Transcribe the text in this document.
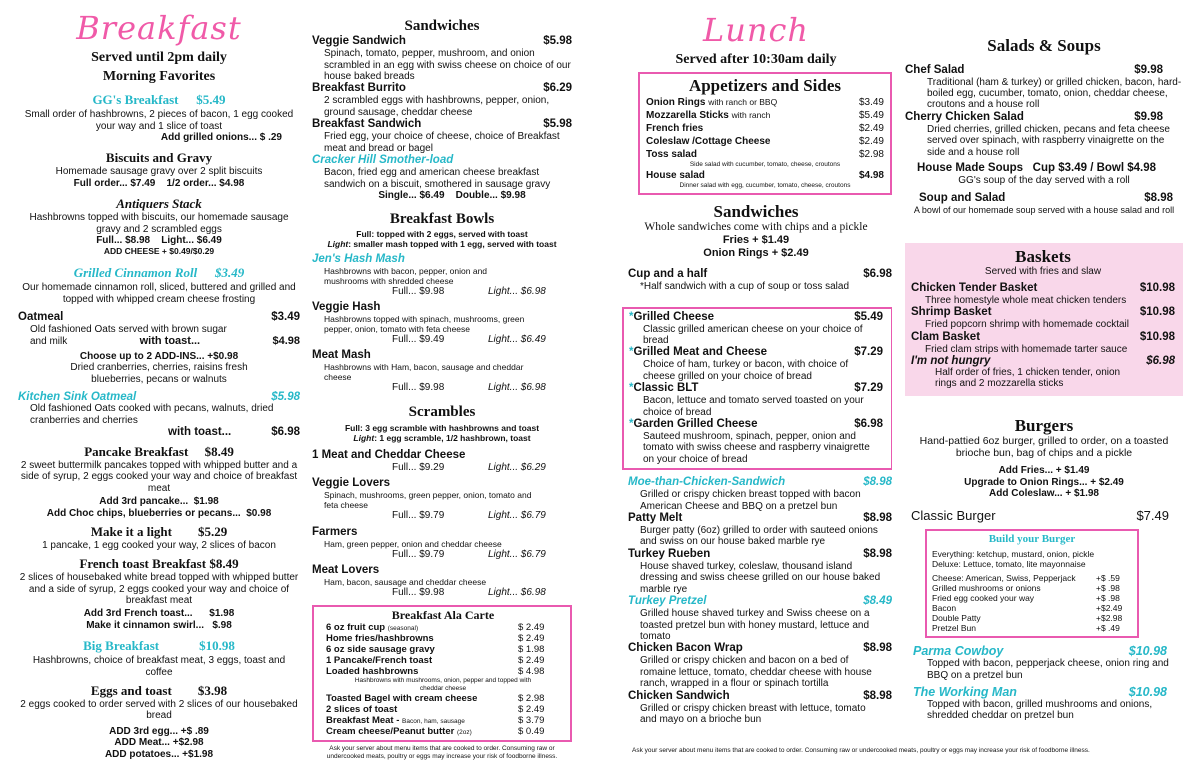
Breakfast
Served until 2pm daily
Morning Favorites
GG's Breakfast $5.49
Small order of hashbrowns, 2 pieces of bacon, 1 egg cooked your way and 1 slice of toast
Add grilled onions... $ .29
Biscuits and Gravy
Homemade sausage gravy over 2 split biscuits
Full order... $7.49    1/2 order... $4.98
Antiquers Stack
Hashbrowns topped with biscuits, our homemade sausage gravy and 2 scrambled eggs
Full... $8.98    Light... $6.49
ADD CHEESE + $0.49/$0.29
Grilled Cinnamon Roll $3.49
Our homemade cinnamon roll, sliced, buttered and grilled and topped with whipped cream cheese frosting
Oatmeal	$3.49
Old fashioned Oats served with brown sugar
and milk	with toast...	$4.98
Choose up to 2 ADD-INS... +$0.98
Dried cranberries, cherries, raisins fresh blueberries, pecans or walnuts
Kitchen Sink Oatmeal	$5.98
Old fashioned Oats cooked with pecans, walnuts, dried cranberries and cherries
with toast...	$6.98
Pancake Breakfast $8.49
2 sweet buttermilk pancakes topped with whipped butter and a side of syrup, 2 eggs cooked your way and choice of breakfast meat
Add 3rd pancake... $1.98
Add Choc chips, blueberries or pecans... $0.98
Make it a light $5.29
1 pancake, 1 egg cooked your way, 2 slices of bacon
French toast Breakfast $8.49
2 slices of housebaked white bread topped with whipped butter and a side of syrup, 2 eggs cooked your way and choice of breakfast meat
Add 3rd French toast... $1.98
Make it cinnamon swirl... $.98
Big Breakfast	$10.98
Hashbrowns, choice of breakfast meat, 3 eggs, toast and coffee
Eggs and toast $3.98
2 eggs cooked to order served with 2 slices of our housebaked bread
ADD 3rd egg... +$ .89
ADD Meat... +$2.98
ADD potatoes... +$1.98
Sandwiches
Veggie Sandwich	$5.98
Spinach, tomato, pepper, mushroom, and onion scrambled in an egg with swiss cheese on choice of our house baked breads
Breakfast Burrito	$6.29
2 scrambled eggs with hashbrowns, pepper, onion, ground sausage, cheddar cheese
Breakfast Sandwich	$5.98
Fried egg, your choice of cheese, choice of Breakfast meat and bread or bagel
Cracker Hill Smother-load
Bacon, fried egg and american cheese breakfast sandwich on a biscuit, smothered in sausage gravy
Single... $6.49    Double... $9.98
Breakfast Bowls
Full: topped with 2 eggs, served with toast
Light: smaller mash topped with 1 egg, served with toast
Jen's Hash Mash
Hashbrowns with bacon, pepper, onion and mushrooms with shredded cheese
Full... $9.98	Light... $6.98
Veggie Hash
Hashbrowns topped with spinach, mushrooms, green pepper, onion, tomato with feta cheese
Full... $9.49	Light... $6.49
Meat Mash
Hashbrowns with Ham, bacon, sausage and cheddar cheese
Full... $9.98	Light... $6.98
Scrambles
Full: 3 egg scramble with hashbrowns and toast
Light: 1 egg scramble, 1/2 hashbrown, toast
1 Meat and Cheddar Cheese
Full... $9.29	Light... $6.29
Veggie Lovers
Spinach, mushrooms, green pepper, onion, tomato and feta cheese
Full... $9.79	Light... $6.79
Farmers
Ham, green pepper, onion and cheddar cheese
Full... $9.79	Light... $6.79
Meat Lovers
Ham, bacon, sausage and cheddar cheese
Full... $9.98	Light... $6.98
Breakfast Ala Carte
6 oz fruit cup (seasonal)	$ 2.49
Home fries/hashbrowns	$ 2.49
6 oz side sausage gravy	$ 1.98
1 Pancake/French toast	$ 2.49
Loaded hashbrowns	$ 4.98
Hashbrowns with mushrooms, onion, pepper and topped with cheddar cheese
Toasted Bagel with cream cheese	$ 2.98
2 slices of toast	$ 2.49
Breakfast Meat - Bacon, ham, sausage	$ 3.79
Cream cheese/Peanut butter (2oz)	$ 0.49
Ask your server about menu items that are cooked to order. Consuming raw or undercooked meats, poultry or eggs may increase your risk of foodborne illness.
Lunch
Served after 10:30am daily
Appetizers and Sides
Onion Rings with ranch or BBQ	$3.49
Mozzarella Sticks with ranch	$5.49
French fries	$2.49
Coleslaw /Cottage Cheese	$2.49
Toss salad	$2.98
Side salad with cucumber, tomato, cheese, croutons
House salad	$4.98
Dinner salad with egg, cucumber, tomato, cheese, croutons
Sandwiches
Whole sandwiches come with chips and a pickle
Fries + $1.49
Onion Rings + $2.49
Cup and a half	$6.98
*Half sandwich with a cup of soup or toss salad
*Grilled Cheese	$5.49
Classic grilled american cheese on your choice of bread
*Grilled Meat and Cheese	$7.29
Choice of ham, turkey or bacon, with choice of cheese grilled on your choice of bread
*Classic BLT	$7.29
Bacon, lettuce and tomato served toasted on your choice of bread
*Garden Grilled Cheese	$6.98
Sauteed mushroom, spinach, pepper, onion and tomato with swiss cheese and raspberry vinaigrette on your choice of bread
Moe-than-Chicken-Sandwich	$8.98
Grilled or crispy chicken breast topped with bacon American Cheese and BBQ on a pretzel bun
Patty Melt	$8.98
Burger patty (6oz) grilled to order with sauteed onions and swiss on our house baked marble rye
Turkey Rueben	$8.98
House shaved turkey, coleslaw, thousand island dressing and swiss cheese grilled on our house baked marble rye
Turkey Pretzel	$8.49
Grilled house shaved turkey and Swiss cheese on a toasted pretzel bun with honey mustard, lettuce and tomato
Chicken Bacon Wrap	$8.98
Grilled or crispy chicken and bacon on a bed of romaine lettuce, tomato, cheddar cheese with house ranch, wrapped in a flour or spinach tortilla
Chicken Sandwich	$8.98
Grilled or crispy chicken breast with lettuce, tomato and mayo on a brioche bun
Salads & Soups
Chef Salad	$9.98
Traditional (ham & turkey) or grilled chicken, bacon, hard-boiled egg, cucumber, tomato, onion, cheddar cheese, croutons and a house roll
Cherry Chicken Salad	$9.98
Dried cherries, grilled chicken, pecans and feta cheese served over spinach, with raspberry vinaigrette on the side and a house roll
House Made Soups Cup $3.49 / Bowl $4.98
GG's soup of the day served with a roll
Soup and Salad	$8.98
A bowl of our homemade soup served with a house salad and roll
Baskets
Served with fries and slaw
Chicken Tender Basket	$10.98
Three homestyle whole meat chicken tenders
Shrimp Basket	$10.98
Fried popcorn shrimp with homemade cocktail
Clam Basket	$10.98
Fried clam strips with homemade tarter sauce
I'm not hungry	$6.98
Half order of fries, 1 chicken tender, onion rings and 2 mozzarella sticks
Burgers
Hand-pattied 6oz burger, grilled to order, on a toasted brioche bun, bag of chips and a pickle
Add Fries... + $1.49
Upgrade to Onion Rings... + $2.49
Add Coleslaw... + $1.98
Classic Burger	$7.49
Build your Burger
Everything: ketchup, mustard, onion, pickle
Deluxe: Lettuce, tomato, lite mayonnaise
Cheese: American, Swiss, Pepperjack +$ .59
Grilled mushrooms or onions	+$ .98
Fried egg cooked your way	+$ .98
Bacon	+$2.49
Double Patty	+$2.98
Pretzel Bun	+$ .49
Parma Cowboy	$10.98
Topped with bacon, pepperjack cheese, onion ring and BBQ on a pretzel bun
The Working Man	$10.98
Topped with bacon, grilled mushrooms and onions, shredded cheddar on pretzel bun
Ask your server about menu items that are cooked to order. Consuming raw or undercooked meats, poultry or eggs may increase your risk of foodborne illness.
